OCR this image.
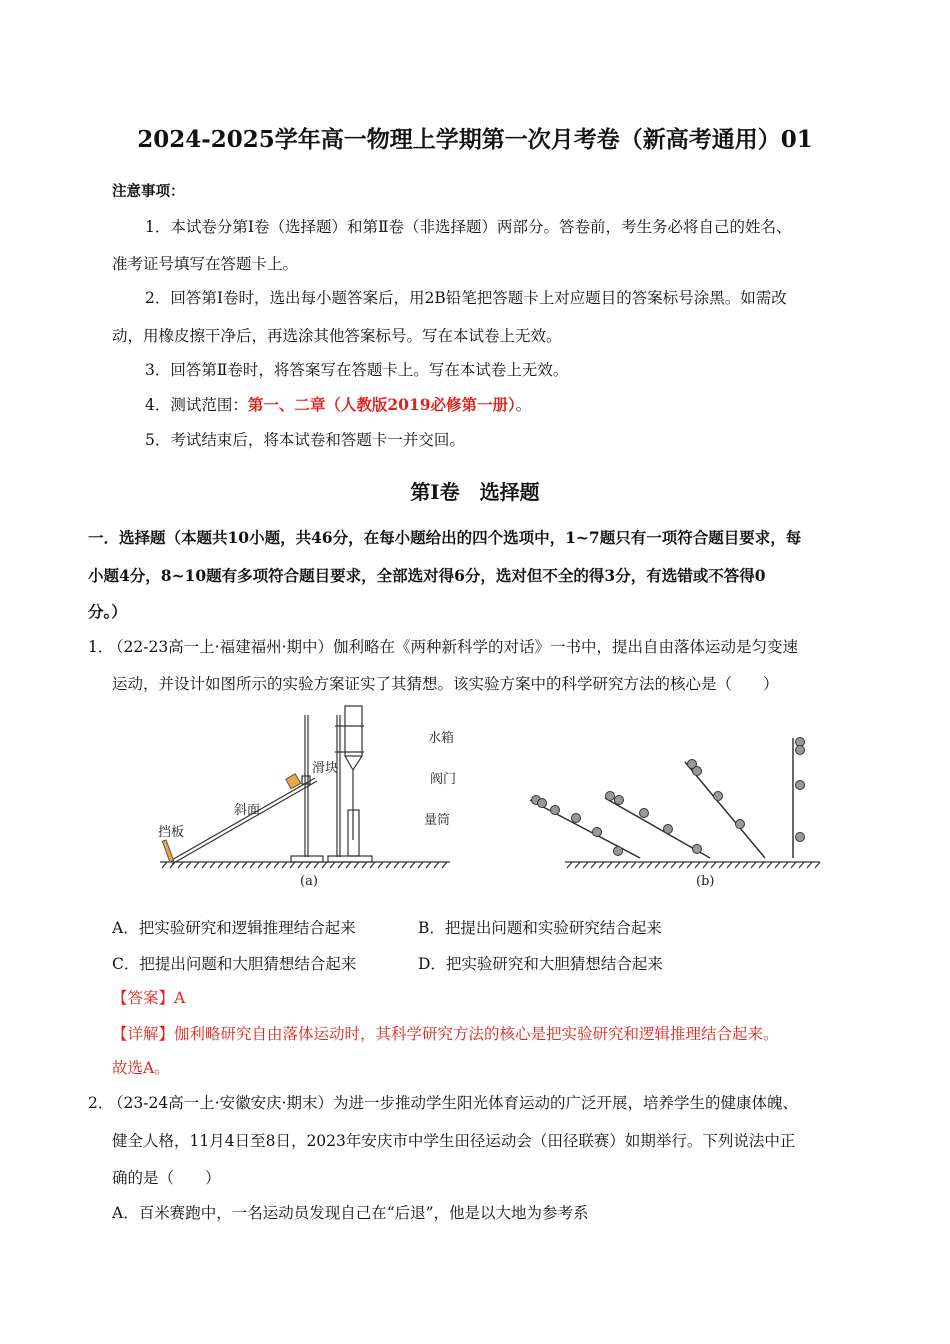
2024-2025学年高一物理上学期第一次月考卷（新高考通用）01
注意事项：
1．本试卷分第Ⅰ卷（选择题）和第Ⅱ卷（非选择题）两部分。答卷前，考生务必将自己的姓名、
准考证号填写在答题卡上。
2．回答第Ⅰ卷时，选出每小题答案后，用2B铅笔把答题卡上对应题目的答案标号涂黑。如需改
动，用橡皮擦干净后，再选涂其他答案标号。写在本试卷上无效。
3．回答第Ⅱ卷时，将答案写在答题卡上。写在本试卷上无效。
4．测试范围：第一、二章（人教版2019必修第一册）。
5．考试结束后，将本试卷和答题卡一并交回。
第Ⅰ卷　选择题
一．选择题（本题共10小题，共46分，在每小题给出的四个选项中，1~7题只有一项符合题目要求，每
小题4分，8~10题有多项符合题目要求，全部选对得6分，选对但不全的得3分，有选错或不答得0
分。）
1．
（22-23高一上·福建福州·期中）伽利略在《两种新科学的对话》一书中，提出自由落体运动是匀变速
运动，并设计如图所示的实验方案证实了其猜想。该实验方案中的科学研究方法的核心是（　　）
挡板
斜面
滑块
水箱
阀门
量筒
(a)	(b)
A．把实验研究和逻辑推理结合起来	B．把提出问题和实验研究结合起来
C．把提出问题和大胆猜想结合起来	D．把实验研究和大胆猜想结合起来
【答案】A
【详解】伽利略研究自由落体运动时，其科学研究方法的核心是把实验研究和逻辑推理结合起来。
故选A。
2．
（23-24高一上·安徽安庆·期末）为进一步推动学生阳光体育运动的广泛开展，培养学生的健康体魄、
健全人格，11月4日至8日，2023年安庆市中学生田径运动会（田径联赛）如期举行。下列说法中正
确的是（　　）
A．百米赛跑中，一名运动员发现自己在“后退”，他是以大地为参考系
